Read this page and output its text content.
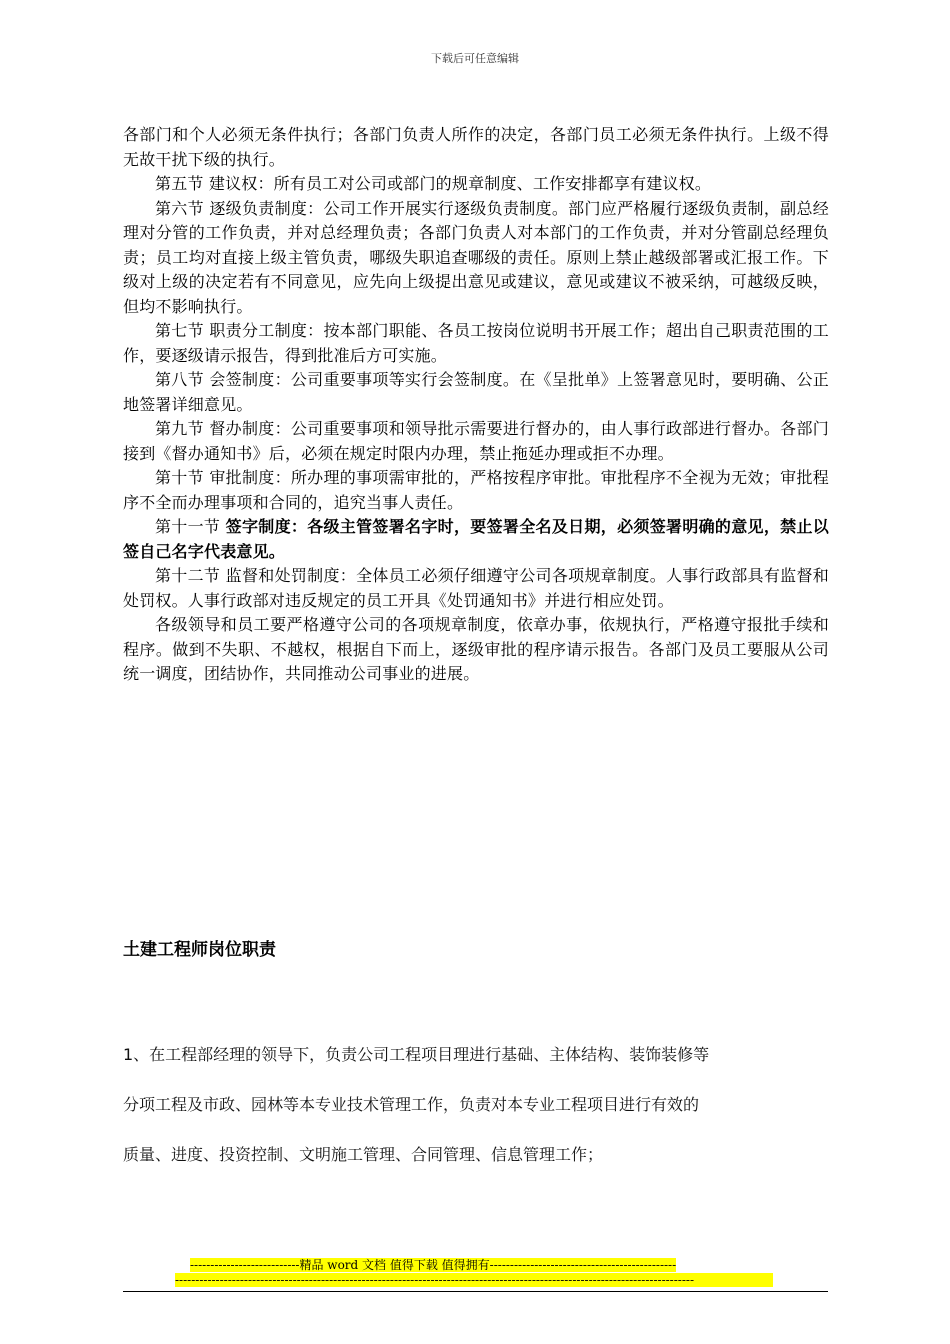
下载后可任意编辑

各部门和个人必须无条件执行；各部门负责人所作的决定，各部门员工必须无条件执行。上级不得无故干扰下级的执行。

第五节 建议权：所有员工对公司或部门的规章制度、工作安排都享有建议权。

第六节 逐级负责制度：公司工作开展实行逐级负责制度。部门应严格履行逐级负责制，副总经理对分管的工作负责，并对总经理负责；各部门负责人对本部门的工作负责，并对分管副总经理负责；员工均对直接上级主管负责，哪级失职追查哪级的责任。原则上禁止越级部署或汇报工作。下级对上级的决定若有不同意见，应先向上级提出意见或建议，意见或建议不被采纳，可越级反映，但均不影响执行。

第七节 职责分工制度：按本部门职能、各员工按岗位说明书开展工作；超出自己职责范围的工作，要逐级请示报告，得到批准后方可实施。

第八节 会签制度：公司重要事项等实行会签制度。在《呈批单》上签署意见时，要明确、公正地签署详细意见。

第九节 督办制度：公司重要事项和领导批示需要进行督办的，由人事行政部进行督办。各部门接到《督办通知书》后，必须在规定时限内办理，禁止拖延办理或拒不办理。

第十节 审批制度：所办理的事项需审批的，严格按程序审批。审批程序不全视为无效；审批程序不全而办理事项和合同的，追究当事人责任。

第十一节 签字制度：各级主管签署名字时，要签署全名及日期，必须签署明确的意见，禁止以签自己名字代表意见。

第十二节 监督和处罚制度：全体员工必须仔细遵守公司各项规章制度。人事行政部具有监督和处罚权。人事行政部对违反规定的员工开具《处罚通知书》并进行相应处罚。

各级领导和员工要严格遵守公司的各项规章制度，依章办事，依规执行，严格遵守报批手续和程序。做到不失职、不越权，根据自下而上，逐级审批的程序请示报告。各部门及员工要服从公司统一调度，团结协作，共同推动公司事业的进展。

土建工程师岗位职责

1、在工程部经理的领导下，负责公司工程项目理进行基础、主体结构、装饰装修等

分项工程及市政、园林等本专业技术管理工作，负责对本专业工程项目进行有效的

质量、进度、投资控制、文明施工管理、合同管理、信息管理工作；

---------------------------精品 word 文档 值得下载 值得拥有----------------------------------------------
--------------------------------------------------------------------------------------------------------------------------------
